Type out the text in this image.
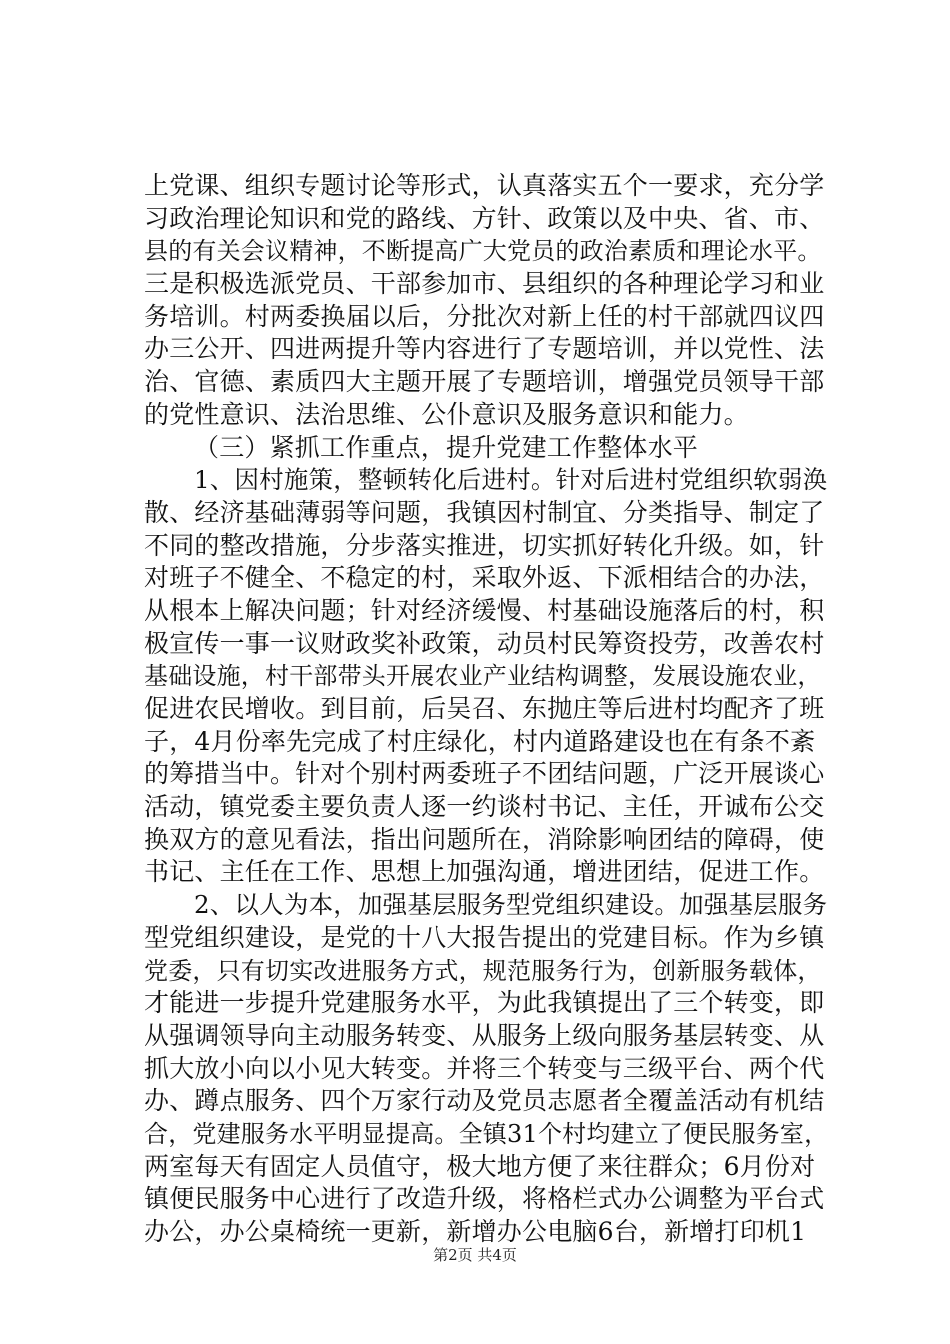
上党课、组织专题讨论等形式，认真落实五个一要求，充分学
习政治理论知识和党的路线、方针、政策以及中央、省、市、
县的有关会议精神，不断提高广大党员的政治素质和理论水平。
三是积极选派党员、干部参加市、县组织的各种理论学习和业
务培训。村两委换届以后，分批次对新上任的村干部就四议四
办三公开、四进两提升等内容进行了专题培训，并以党性、法
治、官德、素质四大主题开展了专题培训，增强党员领导干部
的党性意识、法治思维、公仆意识及服务意识和能力。
（三）紧抓工作重点，提升党建工作整体水平
1、因村施策，整顿转化后进村。针对后进村党组织软弱涣
散、经济基础薄弱等问题，我镇因村制宜、分类指导、制定了
不同的整改措施，分步落实推进，切实抓好转化升级。如，针
对班子不健全、不稳定的村，采取外返、下派相结合的办法，
从根本上解决问题；针对经济缓慢、村基础设施落后的村，积
极宣传一事一议财政奖补政策，动员村民筹资投劳，改善农村
基础设施，村干部带头开展农业产业结构调整，发展设施农业，
促进农民增收。到目前，后吴召、东抛庄等后进村均配齐了班
子，4月份率先完成了村庄绿化，村内道路建设也在有条不紊
的筹措当中。针对个别村两委班子不团结问题，广泛开展谈心
活动，镇党委主要负责人逐一约谈村书记、主任，开诚布公交
换双方的意见看法，指出问题所在，消除影响团结的障碍，使
书记、主任在工作、思想上加强沟通，增进团结，促进工作。
2、以人为本，加强基层服务型党组织建设。加强基层服务
型党组织建设，是党的十八大报告提出的党建目标。作为乡镇
党委，只有切实改进服务方式，规范服务行为，创新服务载体，
才能进一步提升党建服务水平，为此我镇提出了三个转变，即
从强调领导向主动服务转变、从服务上级向服务基层转变、从
抓大放小向以小见大转变。并将三个转变与三级平台、两个代
办、蹲点服务、四个万家行动及党员志愿者全覆盖活动有机结
合，党建服务水平明显提高。全镇31个村均建立了便民服务室，
两室每天有固定人员值守，极大地方便了来往群众；6月份对
镇便民服务中心进行了改造升级，将格栏式办公调整为平台式
办公，办公桌椅统一更新，新增办公电脑6台，新增打印机1
第2页 共4页
